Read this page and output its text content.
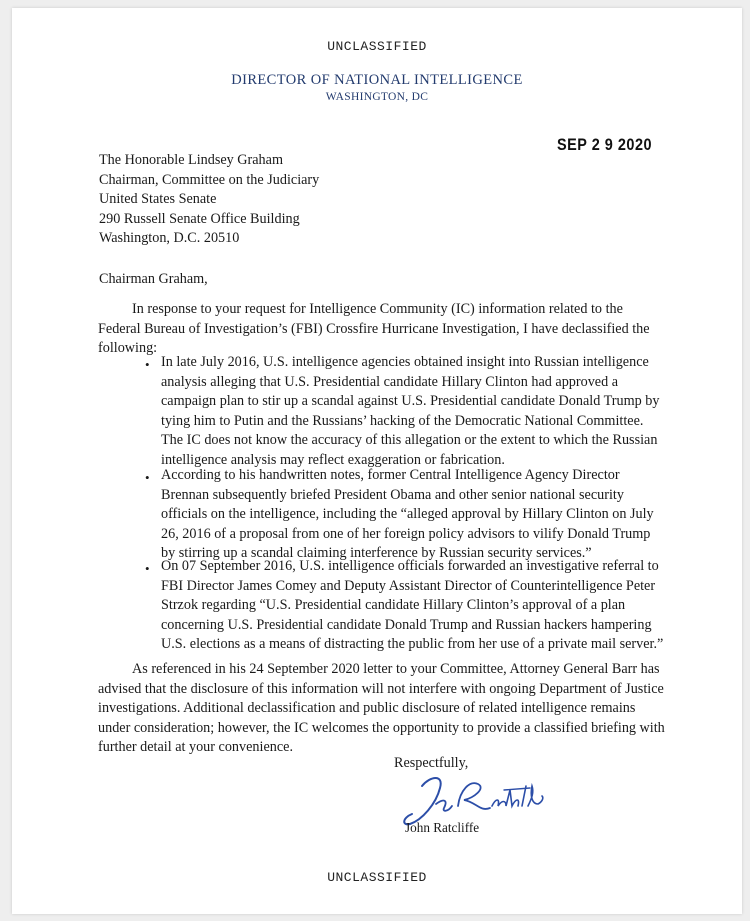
UNCLASSIFIED
DIRECTOR OF NATIONAL INTELLIGENCE
WASHINGTON, DC
SEP 2 9 2020
The Honorable Lindsey Graham
Chairman, Committee on the Judiciary
United States Senate
290 Russell Senate Office Building
Washington, D.C. 20510
Chairman Graham,
In response to your request for Intelligence Community (IC) information related to the Federal Bureau of Investigation’s (FBI) Crossfire Hurricane Investigation, I have declassified the following:
• In late July 2016, U.S. intelligence agencies obtained insight into Russian intelligence analysis alleging that U.S. Presidential candidate Hillary Clinton had approved a campaign plan to stir up a scandal against U.S. Presidential candidate Donald Trump by tying him to Putin and the Russians’ hacking of the Democratic National Committee. The IC does not know the accuracy of this allegation or the extent to which the Russian intelligence analysis may reflect exaggeration or fabrication.
• According to his handwritten notes, former Central Intelligence Agency Director Brennan subsequently briefed President Obama and other senior national security officials on the intelligence, including the “alleged approval by Hillary Clinton on July 26, 2016 of a proposal from one of her foreign policy advisors to vilify Donald Trump by stirring up a scandal claiming interference by Russian security services.”
• On 07 September 2016, U.S. intelligence officials forwarded an investigative referral to FBI Director James Comey and Deputy Assistant Director of Counterintelligence Peter Strzok regarding “U.S. Presidential candidate Hillary Clinton’s approval of a plan concerning U.S. Presidential candidate Donald Trump and Russian hackers hampering U.S. elections as a means of distracting the public from her use of a private mail server.”
As referenced in his 24 September 2020 letter to your Committee, Attorney General Barr has advised that the disclosure of this information will not interfere with ongoing Department of Justice investigations. Additional declassification and public disclosure of related intelligence remains under consideration; however, the IC welcomes the opportunity to provide a classified briefing with further detail at your convenience.
Respectfully,
John Ratcliffe
UNCLASSIFIED
